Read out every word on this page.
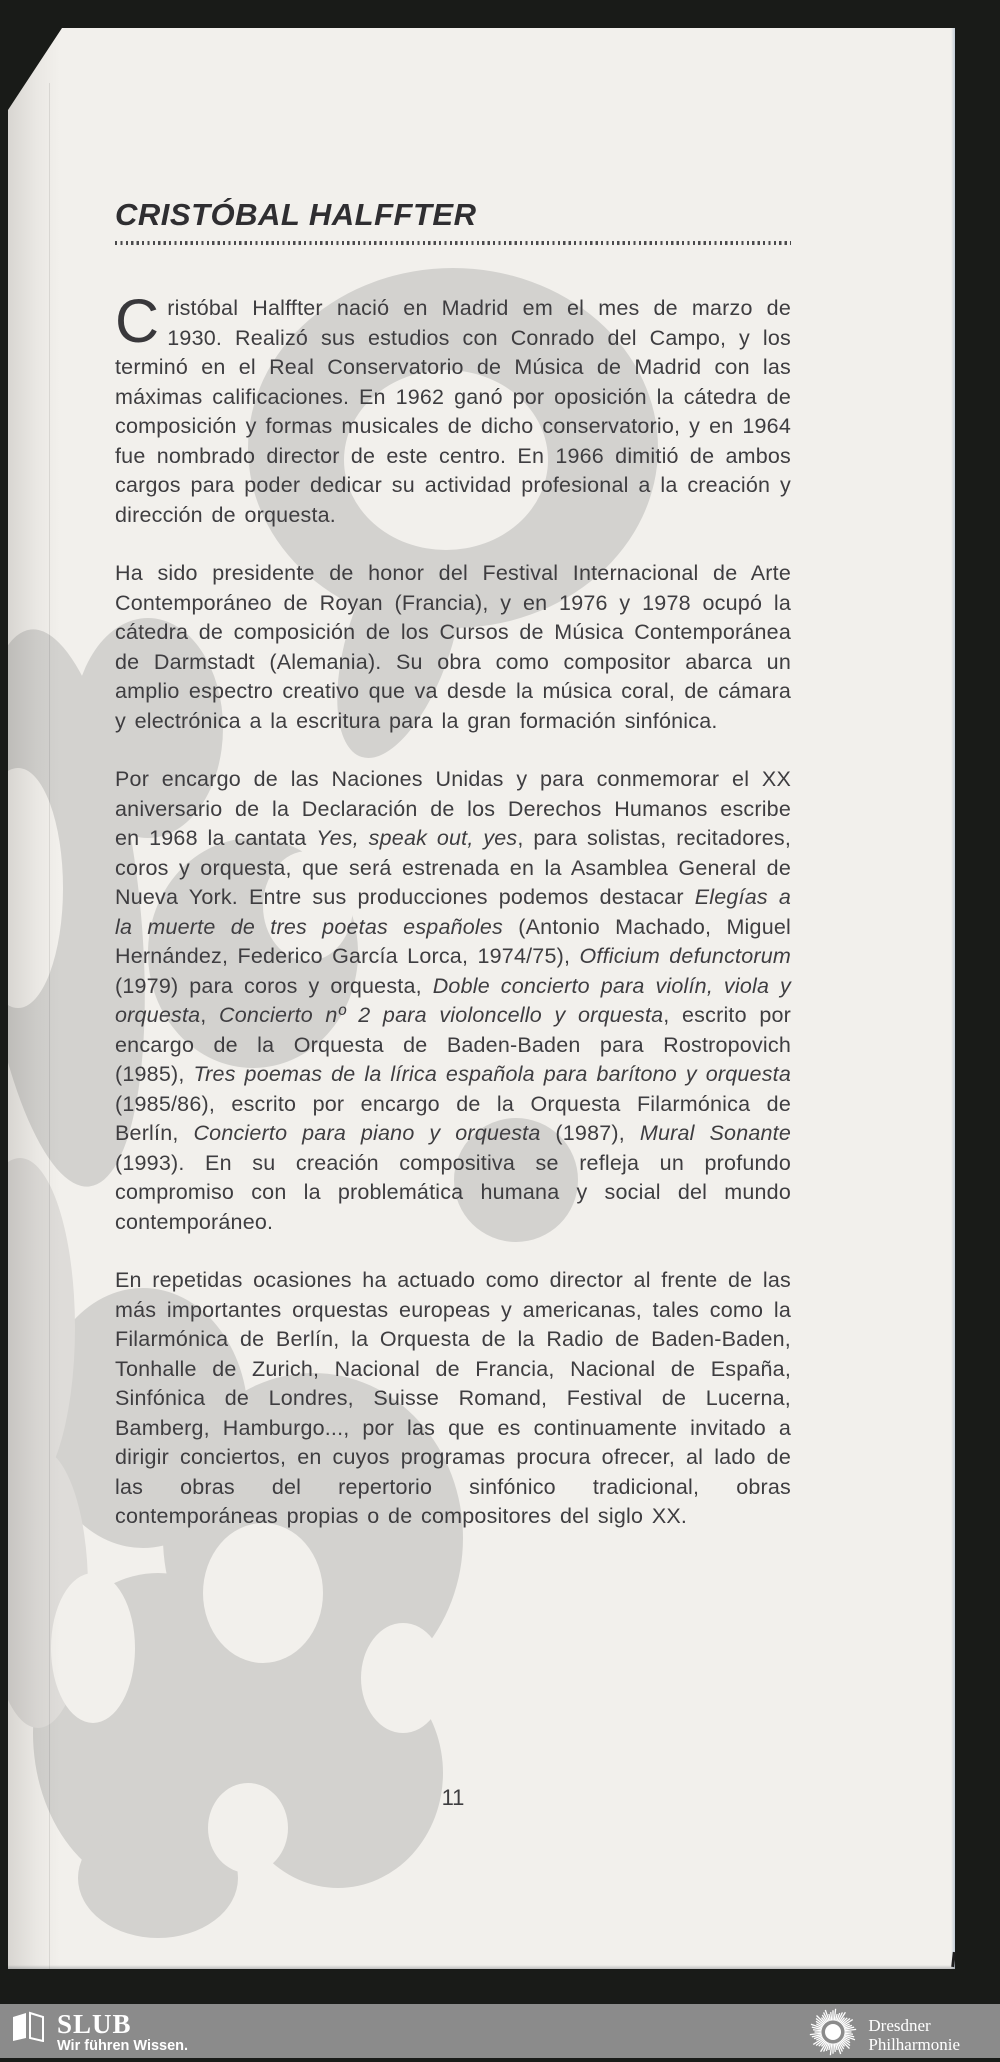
CRISTÓBAL HALFFTER
Cristóbal Halffter nació en Madrid em el mes de marzo de 1930. Realizó sus estudios con Conrado del Campo, y los terminó en el Real Conservatorio de Música de Madrid con las máximas calificaciones. En 1962 ganó por oposición la cátedra de composición y formas musicales de dicho conservatorio, y en 1964 fue nombrado director de este centro. En 1966 dimitió de ambos cargos para poder dedicar su actividad profesional a la creación y dirección de orquesta.
Ha sido presidente de honor del Festival Internacional de Arte Contemporáneo de Royan (Francia), y en 1976 y 1978 ocupó la cátedra de composición de los Cursos de Música Contemporánea de Darmstadt (Alemania). Su obra como compositor abarca un amplio espectro creativo que va desde la música coral, de cámara y electrónica a la escritura para la gran formación sinfónica.
Por encargo de las Naciones Unidas y para conmemorar el XX aniversario de la Declaración de los Derechos Humanos escribe en 1968 la cantata Yes, speak out, yes, para solistas, recitadores, coros y orquesta, que será estrenada en la Asamblea General de Nueva York. Entre sus producciones podemos destacar Elegías a la muerte de tres poetas españoles (Antonio Machado, Miguel Hernández, Federico García Lorca, 1974/75), Officium defunctorum (1979) para coros y orquesta, Doble concierto para violín, viola y orquesta, Concierto nº 2 para violoncello y orquesta, escrito por encargo de la Orquesta de Baden-Baden para Rostropovich (1985), Tres poemas de la lírica española para barítono y orquesta (1985/86), escrito por encargo de la Orquesta Filarmónica de Berlín, Concierto para piano y orquesta (1987), Mural Sonante (1993). En su creación compositiva se refleja un profundo compromiso con la problemática humana y social del mundo contemporáneo.
En repetidas ocasiones ha actuado como director al frente de las más importantes orquestas europeas y americanas, tales como la Filarmónica de Berlín, la Orquesta de la Radio de Baden-Baden, Tonhalle de Zurich, Nacional de Francia, Nacional de España, Sinfónica de Londres, Suisse Romand, Festival de Lucerna, Bamberg, Hamburgo..., por las que es continuamente invitado a dirigir conciertos, en cuyos programas procura ofrecer, al lado de las obras del repertorio sinfónico tradicional, obras contemporáneas propias o de compositores del siglo XX.
11
SLUB
Wir führen Wissen.
Dresdner
Philharmonie
